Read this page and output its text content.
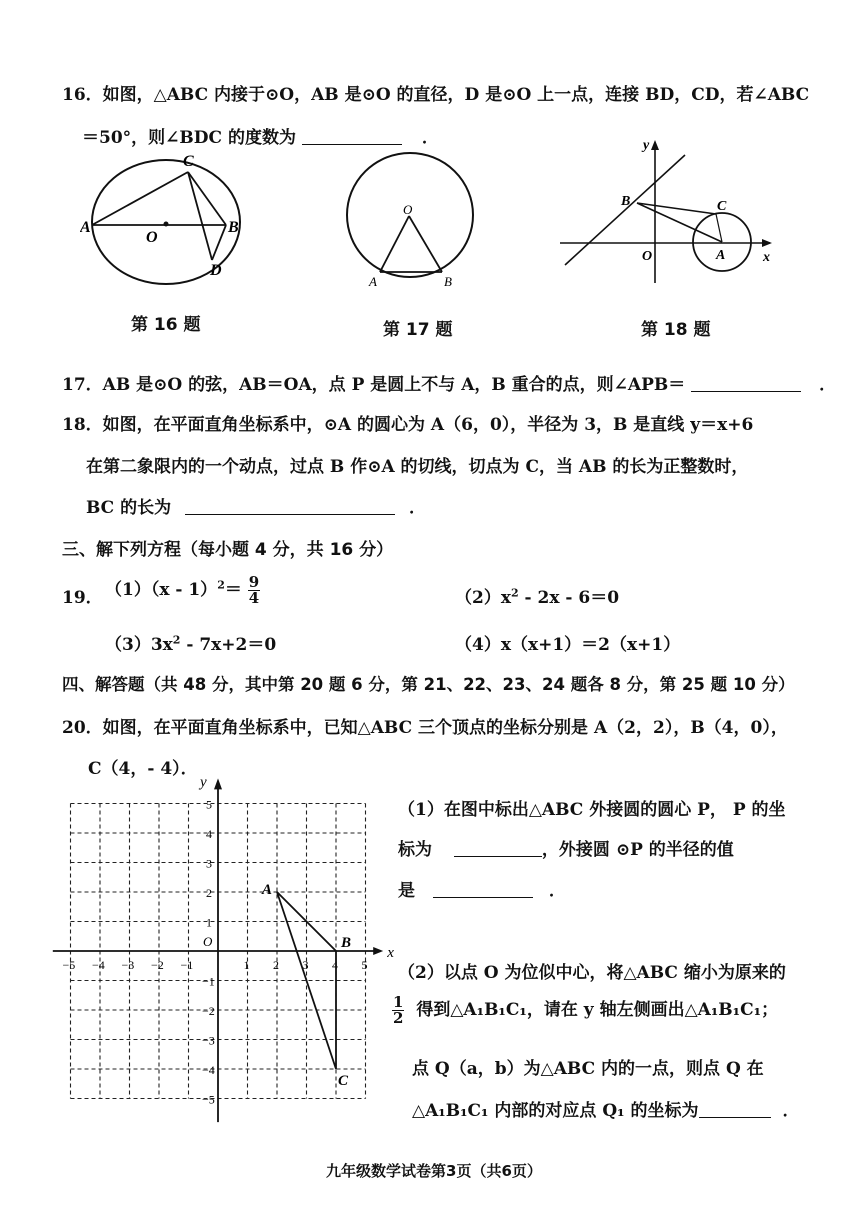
16．如图，△ABC 内接于⊙O，AB 是⊙O 的直径，D 是⊙O 上一点，连接 BD，CD，若∠ABC
＝50°，则∠BDC 的度数为	．
A	B
C
D
O
第 16 题
O
A	B
第 17 题
y
x
O	A
B	C
第 18 题
17．AB 是⊙O 的弦，AB＝OA，点 P 是圆上不与 A，B 重合的点，则∠APB＝	．
18．如图，在平面直角坐标系中，⊙A 的圆心为 A（6，0），半径为 3，B 是直线 y＝x+6
在第二象限内的一个动点，过点 B 作⊙A 的切线，切点为 C，当 AB 的长为正整数时，
BC 的长为	．
三、解下列方程（每小题 4 分，共 16 分）
19． $(1)(x - 1)^2= \frac{9}{4}$	$(2)x^2 - 2x - 6=0$
$(3)3x^2 - 7x+2=0$	（4）x（x+1）＝2（x+1）
四、解答题（共 48 分，其中第 20 题 6 分，第 21、22、23、24 题各 8 分，第 25 题 10 分）
20．如图，在平面直角坐标系中，已知△ABC 三个顶点的坐标分别是 A（2，2），B（4，0），
C（4，- 4）．
x
y
O
−5 −4 −3 −2 −1	1 2 3 4 5
5
4
3
2
1
−1
−2
−3
−4
−5
A
B
C
（1）在图中标出△ABC 外接圆的圆心 P， P 的坐
标为	，外接圆 ⊙P 的半径的值
是	．
（2）以点 O 为位似中心，将△ABC 缩小为原来的
$\frac{1}{2}$ 得到△A₁B₁C₁，请在 y 轴左侧画出△A₁B₁C₁；
点 Q（a，b）为△ABC 内的一点，则点 Q 在
△A₁B₁C₁ 内部的对应点 Q₁ 的坐标为	．
九年级数学试卷第3页（共6页）
